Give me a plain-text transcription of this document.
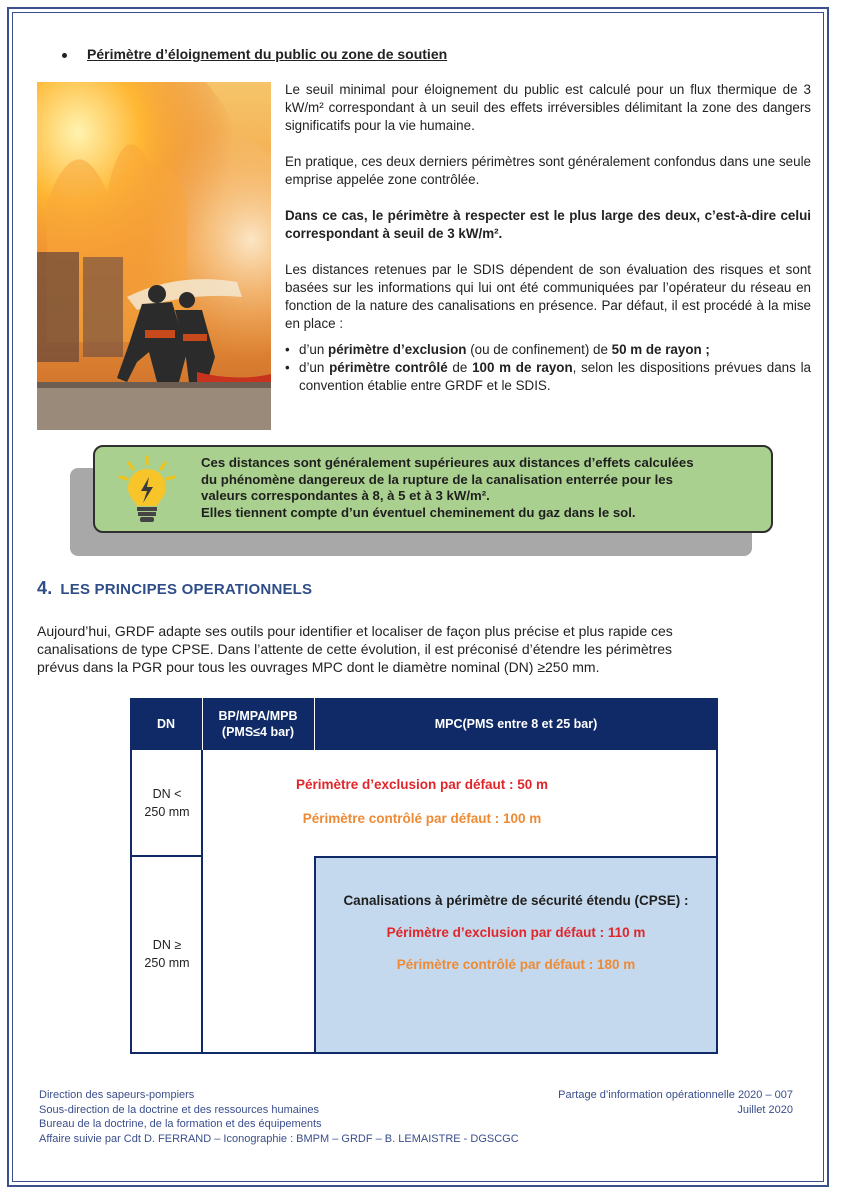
Périmètre d’éloignement du public ou zone de soutien

Le seuil minimal pour éloignement du public est calculé pour un flux thermique de 3 kW/m² correspondant à un seuil des effets irréversibles délimitant la zone des dangers significatifs pour la vie humaine.

En pratique, ces deux derniers périmètres sont généralement confondus dans une seule emprise appelée zone contrôlée.

Dans ce cas, le périmètre à respecter est le plus large des deux, c’est-à-dire celui correspondant à seuil de 3 kW/m².

Les distances retenues par le SDIS dépendent de son évaluation des risques et sont basées sur les informations qui lui ont été communiquées par l’opérateur du réseau en fonction de la nature des canalisations en présence. Par défaut, il est procédé à la mise en place :

• d’un périmètre d’exclusion (ou de confinement) de 50 m de rayon ;
• d’un périmètre contrôlé de 100 m de rayon, selon les dispositions prévues dans la convention établie entre GRDF et le SDIS.
Ces distances sont généralement supérieures aux distances d’effets calculées
du phénomène dangereux de la rupture de la canalisation enterrée pour les
valeurs correspondantes à 8, à 5 et à 3 kW/m².
Elles tiennent compte d’un éventuel cheminement du gaz dans le sol.
4. LES PRINCIPES OPERATIONNELS
Aujourd’hui, GRDF adapte ses outils pour identifier et localiser de façon plus précise et plus rapide ces
canalisations de type CPSE. Dans l’attente de cette évolution, il est préconisé d’étendre les périmètres
prévus dans la PGR pour tous les ouvrages MPC dont le diamètre nominal (DN) ≥250 mm.
DN
BP/MPA/MPB
(PMS≤4 bar)
MPC(PMS entre 8 et 25 bar)
DN <
250 mm
Périmètre d’exclusion par défaut : 50 m
Périmètre contrôlé par défaut : 100 m
DN ≥
250 mm
Canalisations à périmètre de sécurité étendu (CPSE) :
Périmètre d’exclusion par défaut : 110 m
Périmètre contrôlé par défaut : 180 m
Direction des sapeurs-pompiers
Sous-direction de la doctrine et des ressources humaines
Bureau de la doctrine, de la formation et des équipements
Affaire suivie par Cdt D. FERRAND – Iconographie : BMPM – GRDF – B. LEMAISTRE - DGSCGC
Partage d’information opérationnelle 2020 – 007
Juillet 2020
